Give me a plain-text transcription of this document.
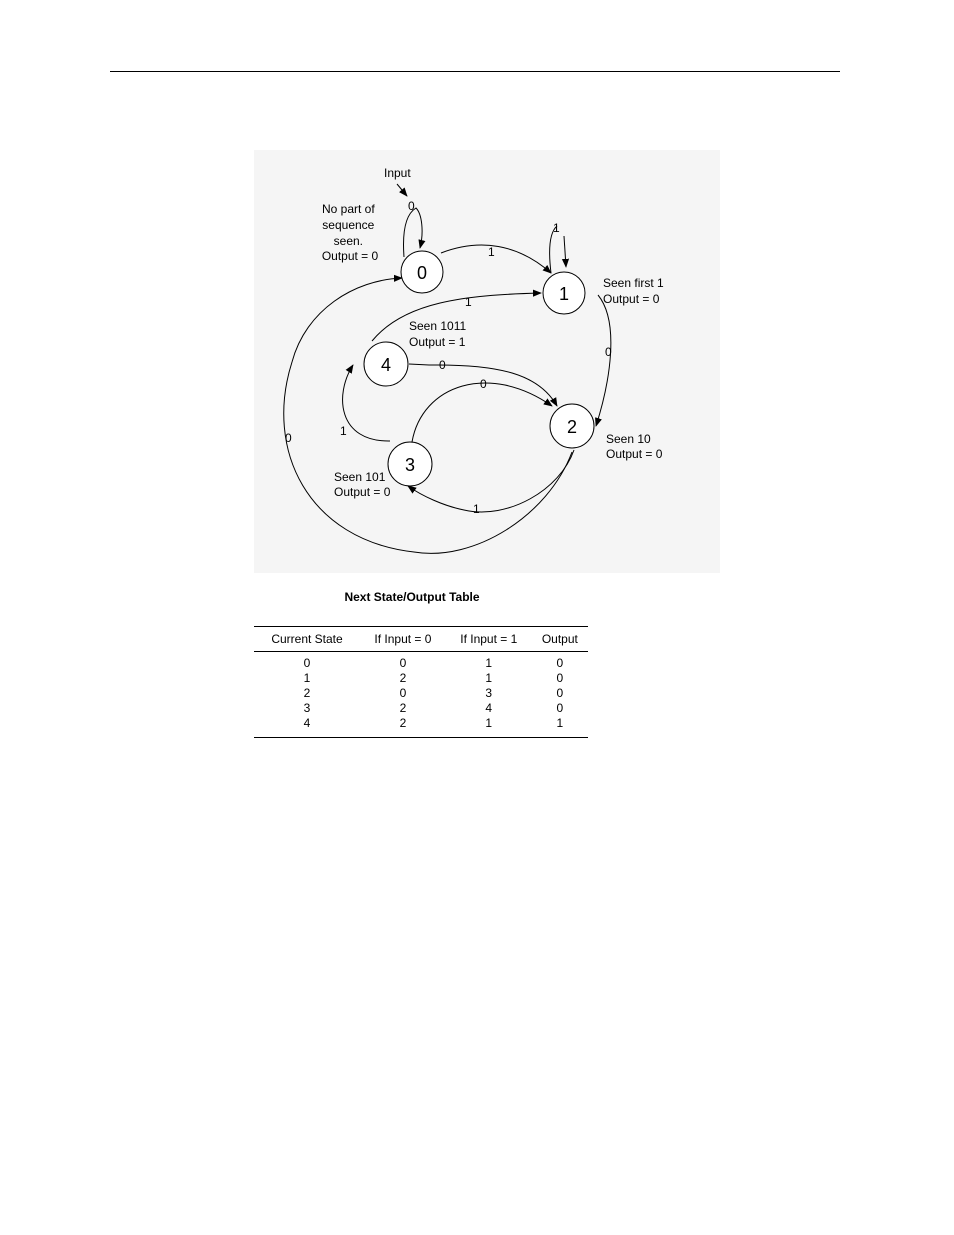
0
1
1
0
0
1
0
1
0
1
Input
0
1
2
3
4
No part of sequence seen. Output = 0
Seen first 1 Output = 0
Seen 10 Output = 0
Seen 101 Output = 0
Seen 1011 Output = 1
Next State/Output Table
Current State	If Input = 0	If Input = 1	Output
0	0	1	0
1	2	1	0
2	0	3	0
3	2	4	0
4	2	1	1
